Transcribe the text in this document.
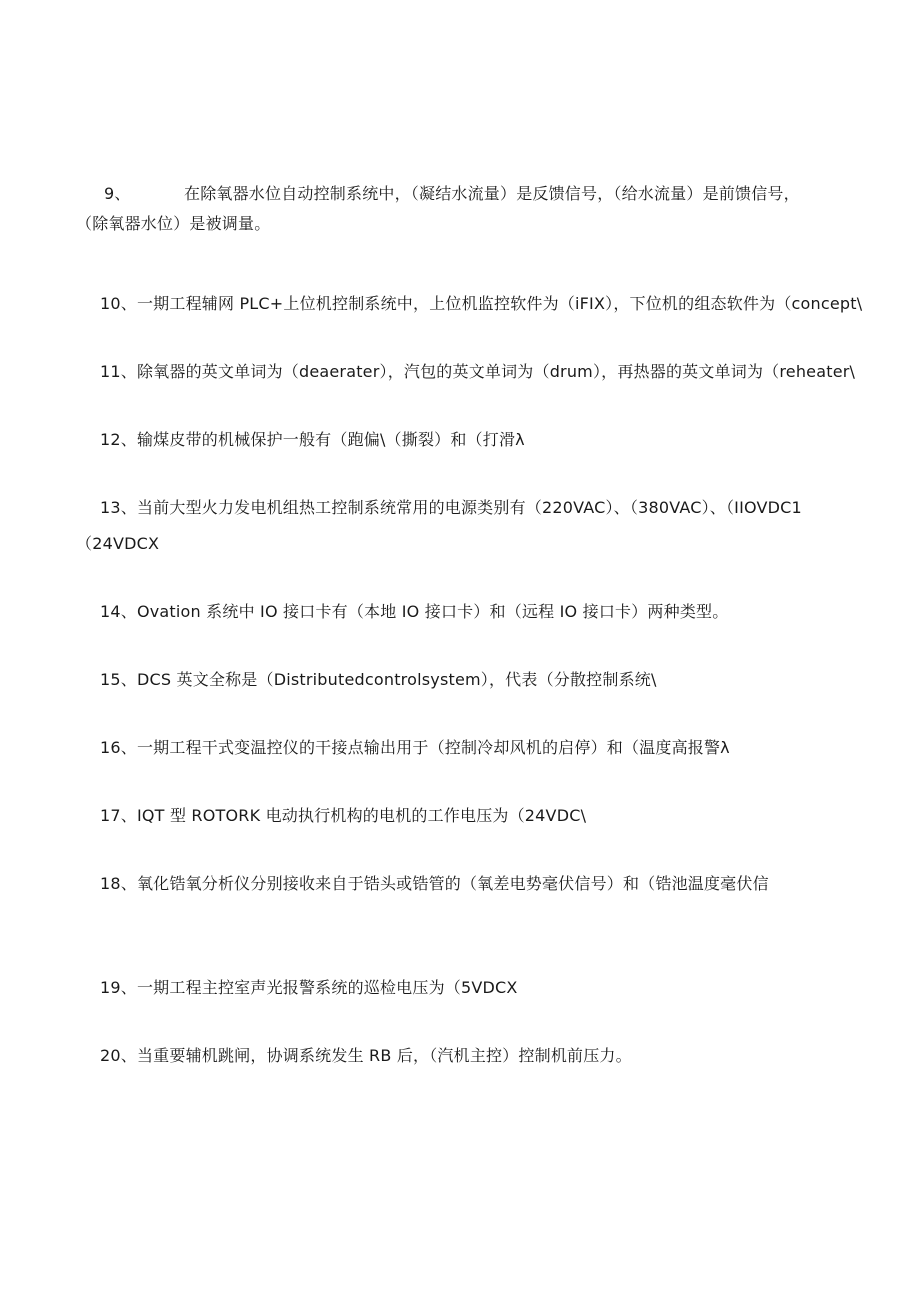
9、	在除氧器水位自动控制系统中，（凝结水流量）是反馈信号，（给水流量）是前馈信号，
（除氧器水位）是被调量。
10、一期工程辅网 PLC+上位机控制系统中，上位机监控软件为（iFIX），下位机的组态软件为（concept\
11、除氧器的英文单词为（deaerater），汽包的英文单词为（drum），再热器的英文单词为（reheater\
12、输煤皮带的机械保护一般有（跑偏\（撕裂）和（打滑λ
13、当前大型火力发电机组热工控制系统常用的电源类别有（220VAC）、（380VAC）、（IIOVDC1
（24VDCX
14、Ovation 系统中 IO 接口卡有（本地 IO 接口卡）和（远程 IO 接口卡）两种类型。
15、DCS 英文全称是（Distributedcontrolsystem），代表（分散控制系统\
16、一期工程干式变温控仪的干接点输出用于（控制冷却风机的启停）和（温度高报警λ
17、IQT 型 ROTORK 电动执行机构的电机的工作电压为（24VDC\
18、氧化锆氧分析仪分别接收来自于锆头或锆管的（氧差电势毫伏信号）和（锆池温度毫伏信
19、一期工程主控室声光报警系统的巡检电压为（5VDCX
20、当重要辅机跳闸，协调系统发生 RB 后，（汽机主控）控制机前压力。
